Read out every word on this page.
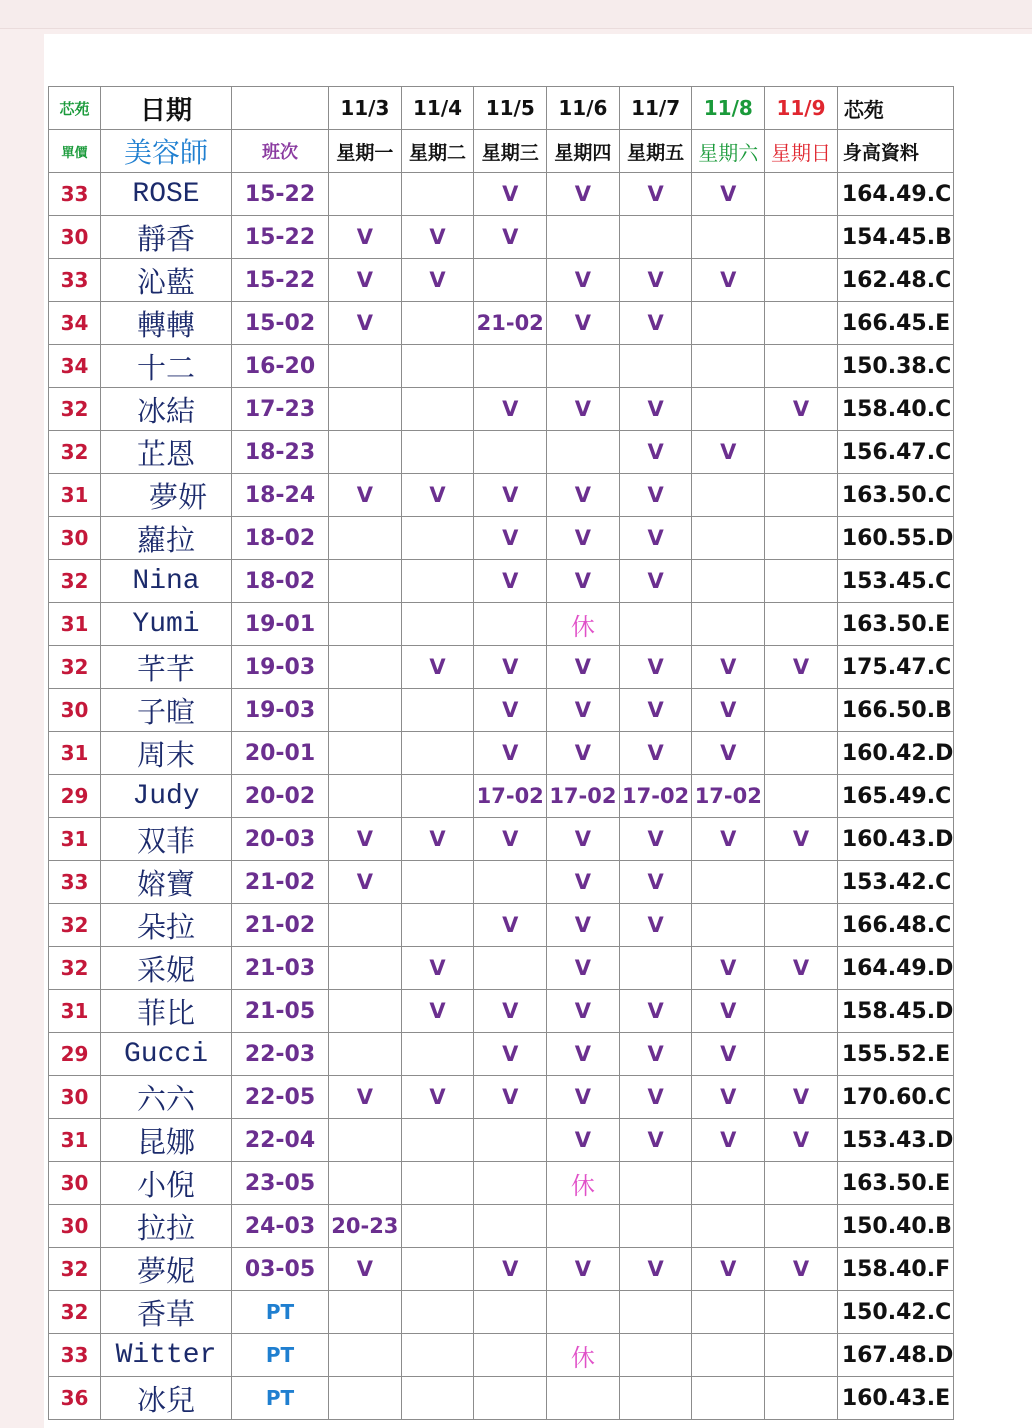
芯苑	日期		11/3	11/4	11/5	11/6	11/7	11/8	11/9	芯苑
單價	美容師	班次	星期一	星期二	星期三	星期四	星期五	星期六	星期日	身高資料
33	ROSE	15-22			V	V	V	V		164.49.C
30	靜香	15-22	V	V	V					154.45.B
33	沁藍	15-22	V	V		V	V	V		162.48.C
34	轉轉	15-02	V		21-02	V	V			166.45.E
34	十二	16-20								150.38.C
32	冰結	17-23			V	V	V		V	158.40.C
32	芷恩	18-23					V	V		156.47.C
31	夢妍	18-24	V	V	V	V	V			163.50.C
30	蘿拉	18-02			V	V	V			160.55.D
32	Nina	18-02			V	V	V			153.45.C
31	Yumi	19-01				休				163.50.E
32	芊芊	19-03		V	V	V	V	V	V	175.47.C
30	子暄	19-03			V	V	V	V		166.50.B
31	周末	20-01			V	V	V	V		160.42.D
29	Judy	20-02			17-02	17-02	17-02	17-02		165.49.C
31	双菲	20-03	V	V	V	V	V	V	V	160.43.D
33	嫆寶	21-02	V			V	V			153.42.C
32	朵拉	21-02			V	V	V			166.48.C
32	采妮	21-03		V		V		V	V	164.49.D
31	菲比	21-05		V	V	V	V	V		158.45.D
29	Gucci	22-03			V	V	V	V		155.52.E
30	六六	22-05	V	V	V	V	V	V	V	170.60.C
31	昆娜	22-04				V	V	V	V	153.43.D
30	小倪	23-05				休				163.50.E
30	拉拉	24-03	20-23							150.40.B
32	夢妮	03-05	V		V	V	V	V	V	158.40.F
32	香草	PT								150.42.C
33	Witter	PT				休				167.48.D
36	冰兒	PT								160.43.E
